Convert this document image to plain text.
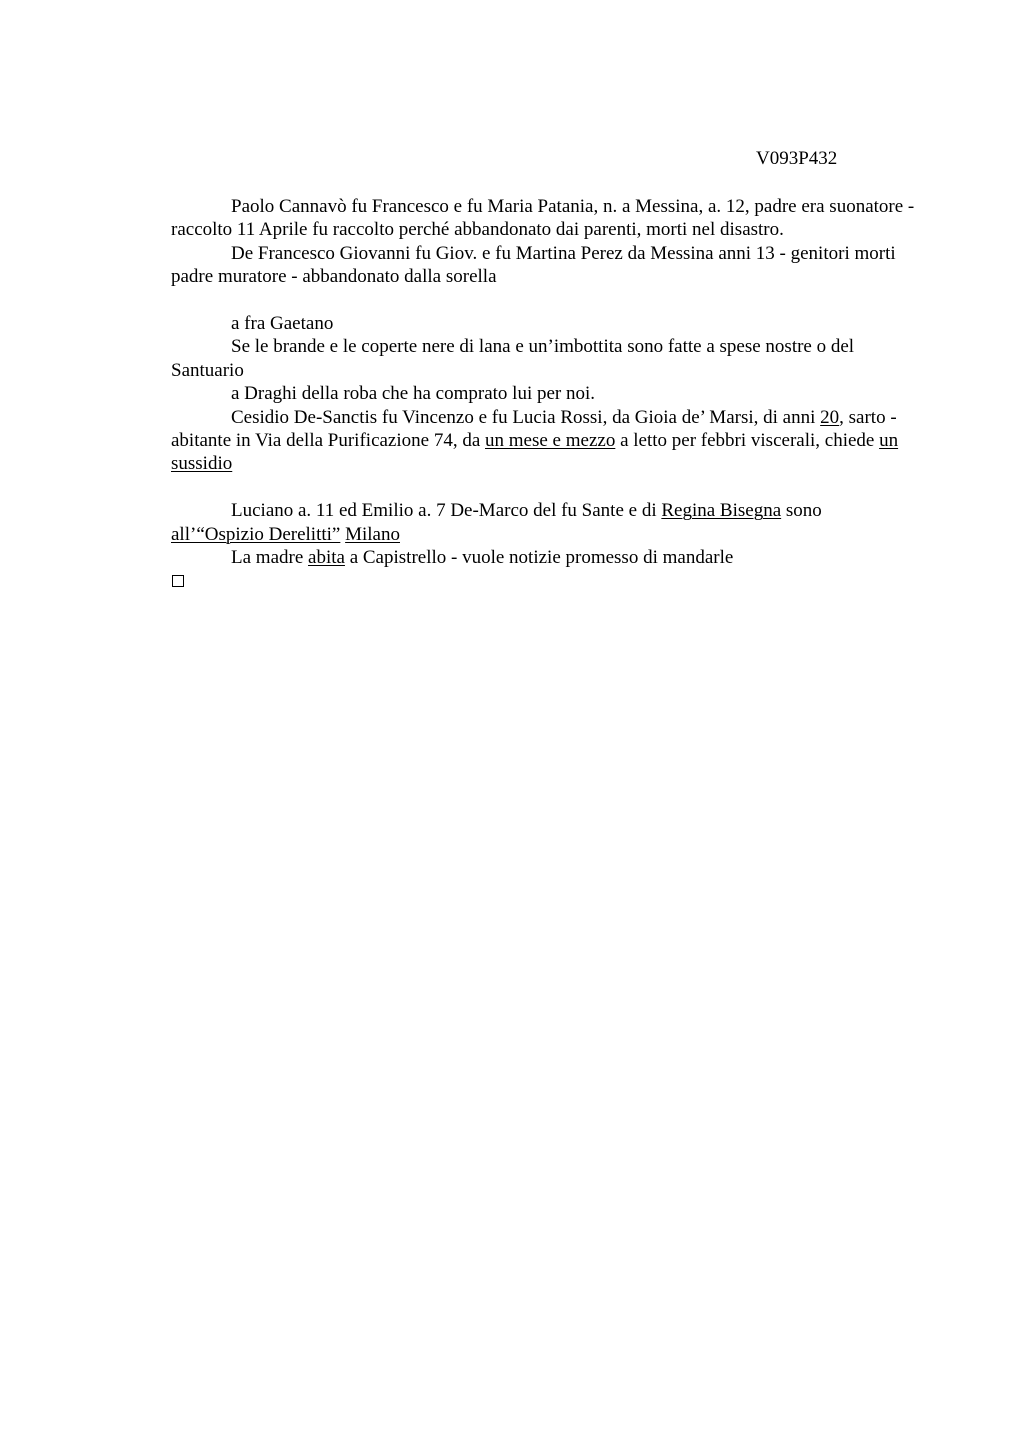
V093P432

Paolo Cannavò fu Francesco e fu Maria Patania, n. a Messina, a. 12, padre era suonatore - raccolto 11 Aprile fu raccolto perché abbandonato dai parenti, morti nel disastro.

De Francesco Giovanni fu Giov. e fu Martina Perez da Messina anni 13 - genitori morti padre muratore - abbandonato dalla sorella

a fra Gaetano

Se le brande e le coperte nere di lana e un’imbottita sono fatte a spese nostre o del Santuario

a Draghi della roba che ha comprato lui per noi.

Cesidio De-Sanctis fu Vincenzo e fu Lucia Rossi, da Gioia de’ Marsi, di anni 20, sarto - abitante in Via della Purificazione 74, da un mese e mezzo a letto per febbri viscerali, chiede un sussidio

Luciano a. 11 ed Emilio a. 7 De-Marco del fu Sante e di Regina Bisegna sono all’“Ospizio Derelitti” Milano

La madre abita a Capistrello - vuole notizie promesso di mandarle
